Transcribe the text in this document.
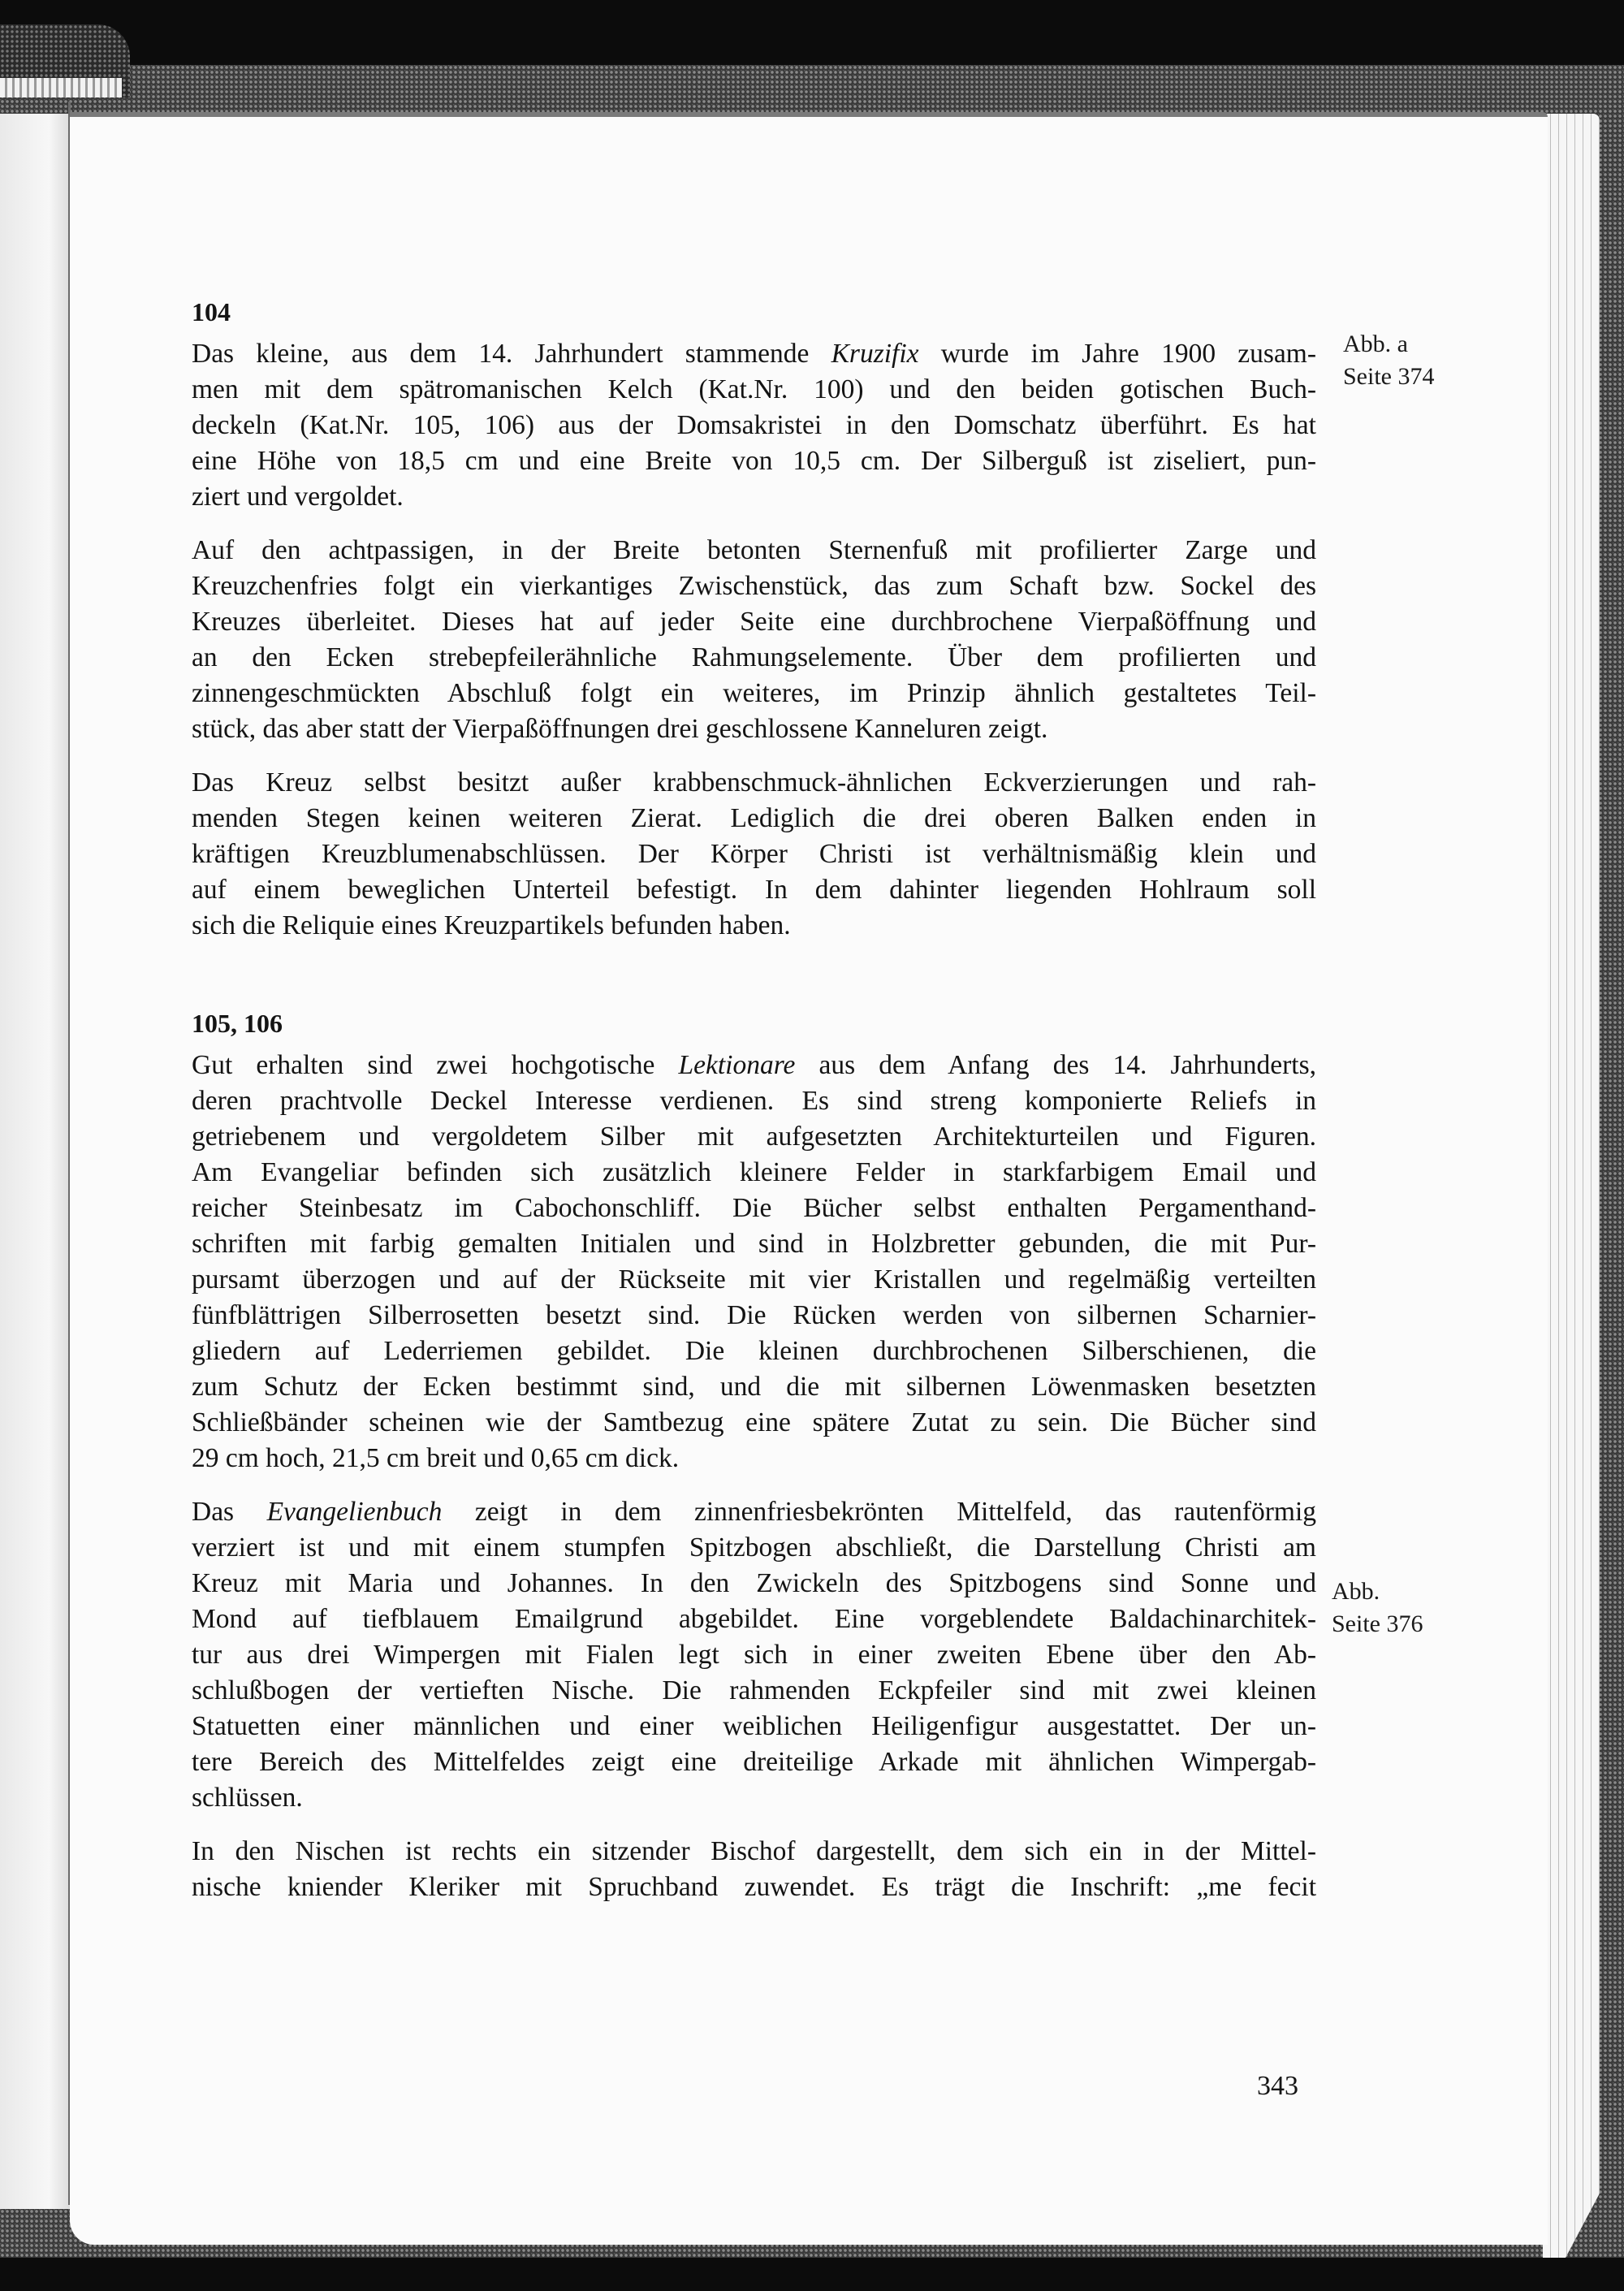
104
Das kleine, aus dem 14. Jahrhundert stammende Kruzifix wurde im Jahre 1900 zusam-
men mit dem spätromanischen Kelch (Kat.Nr. 100) und den beiden gotischen Buch-
deckeln (Kat.Nr. 105, 106) aus der Domsakristei in den Domschatz überführt. Es hat
eine Höhe von 18,5 cm und eine Breite von 10,5 cm. Der Silberguß ist ziseliert, pun-
ziert und vergoldet.
Auf den achtpassigen, in der Breite betonten Sternenfuß mit profilierter Zarge und
Kreuzchenfries folgt ein vierkantiges Zwischenstück, das zum Schaft bzw. Sockel des
Kreuzes überleitet. Dieses hat auf jeder Seite eine durchbrochene Vierpaßöffnung und
an den Ecken strebepfeilerähnliche Rahmungselemente. Über dem profilierten und
zinnengeschmückten Abschluß folgt ein weiteres, im Prinzip ähnlich gestaltetes Teil-
stück, das aber statt der Vierpaßöffnungen drei geschlossene Kanneluren zeigt.
Das Kreuz selbst besitzt außer krabbenschmuck-ähnlichen Eckverzierungen und rah-
menden Stegen keinen weiteren Zierat. Lediglich die drei oberen Balken enden in
kräftigen Kreuzblumenabschlüssen. Der Körper Christi ist verhältnismäßig klein und
auf einem beweglichen Unterteil befestigt. In dem dahinter liegenden Hohlraum soll
sich die Reliquie eines Kreuzpartikels befunden haben.
105, 106
Gut erhalten sind zwei hochgotische Lektionare aus dem Anfang des 14. Jahrhunderts,
deren prachtvolle Deckel Interesse verdienen. Es sind streng komponierte Reliefs in
getriebenem und vergoldetem Silber mit aufgesetzten Architekturteilen und Figuren.
Am Evangeliar befinden sich zusätzlich kleinere Felder in starkfarbigem Email und
reicher Steinbesatz im Cabochonschliff. Die Bücher selbst enthalten Pergamenthand-
schriften mit farbig gemalten Initialen und sind in Holzbretter gebunden, die mit Pur-
pursamt überzogen und auf der Rückseite mit vier Kristallen und regelmäßig verteilten
fünfblättrigen Silberrosetten besetzt sind. Die Rücken werden von silbernen Scharnier-
gliedern auf Lederriemen gebildet. Die kleinen durchbrochenen Silberschienen, die
zum Schutz der Ecken bestimmt sind, und die mit silbernen Löwenmasken besetzten
Schließbänder scheinen wie der Samtbezug eine spätere Zutat zu sein. Die Bücher sind
29 cm hoch, 21,5 cm breit und 0,65 cm dick.
Das Evangelienbuch zeigt in dem zinnenfriesbekrönten Mittelfeld, das rautenförmig
verziert ist und mit einem stumpfen Spitzbogen abschließt, die Darstellung Christi am
Kreuz mit Maria und Johannes. In den Zwickeln des Spitzbogens sind Sonne und
Mond auf tiefblauem Emailgrund abgebildet. Eine vorgeblendete Baldachinarchitek-
tur aus drei Wimpergen mit Fialen legt sich in einer zweiten Ebene über den Ab-
schlußbogen der vertieften Nische. Die rahmenden Eckpfeiler sind mit zwei kleinen
Statuetten einer männlichen und einer weiblichen Heiligenfigur ausgestattet. Der un-
tere Bereich des Mittelfeldes zeigt eine dreiteilige Arkade mit ähnlichen Wimpergab-
schlüssen.
In den Nischen ist rechts ein sitzender Bischof dargestellt, dem sich ein in der Mittel-
nische kniender Kleriker mit Spruchband zuwendet. Es trägt die Inschrift: „me fecit
Abb. a
Seite 374
Abb.
Seite 376
343
